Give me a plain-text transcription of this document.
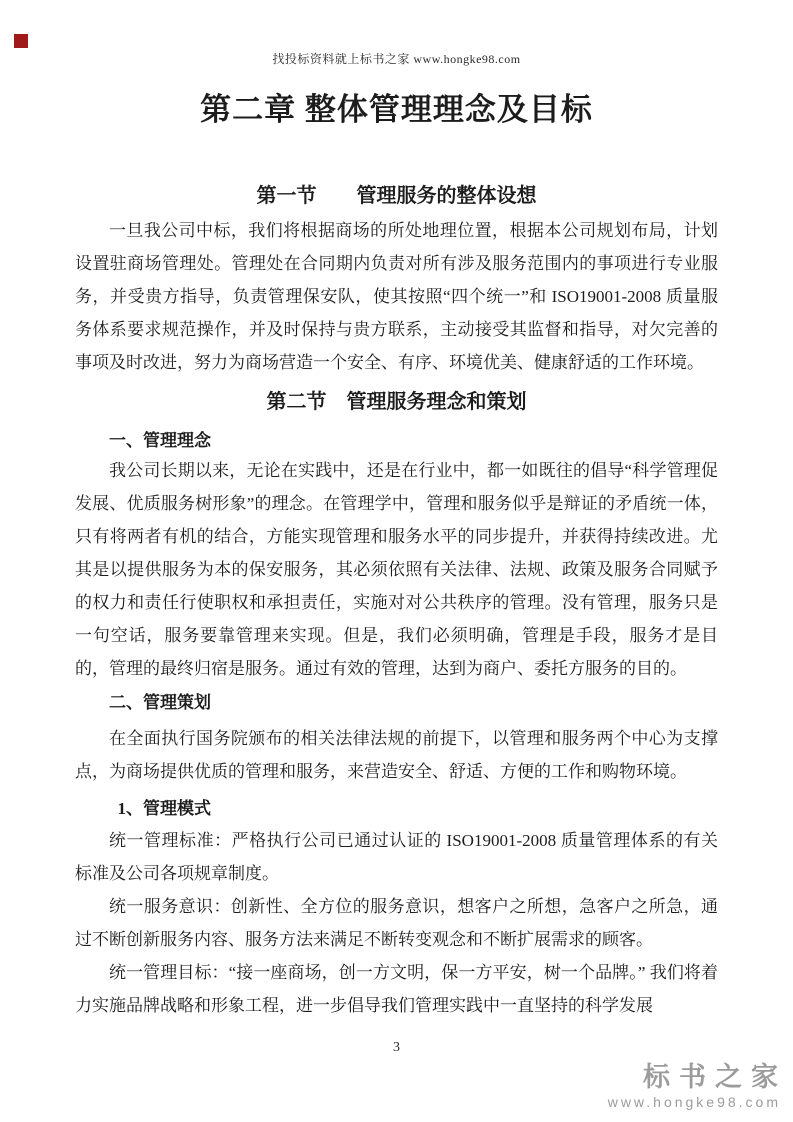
找投标资料就上标书之家 www.hongke98.com
第二章 整体管理理念及目标
第一节　　管理服务的整体设想
一旦我公司中标，我们将根据商场的所处地理位置，根据本公司规划布局，计划设置驻商场管理处。管理处在合同期内负责对所有涉及服务范围内的事项进行专业服务，并受贵方指导，负责管理保安队，使其按照“四个统一”和 ISO19001-2008 质量服务体系要求规范操作，并及时保持与贵方联系，主动接受其监督和指导，对欠完善的事项及时改进，努力为商场营造一个安全、有序、环境优美、健康舒适的工作环境。
第二节　管理服务理念和策划
一、管理理念
我公司长期以来，无论在实践中，还是在行业中，都一如既往的倡导“科学管理促发展、优质服务树形象”的理念。在管理学中，管理和服务似乎是辩证的矛盾统一体，只有将两者有机的结合，方能实现管理和服务水平的同步提升，并获得持续改进。尤其是以提供服务为本的保安服务，其必须依照有关法律、法规、政策及服务合同赋予的权力和责任行使职权和承担责任，实施对对公共秩序的管理。没有管理，服务只是一句空话，服务要靠管理来实现。但是，我们必须明确，管理是手段，服务才是目的，管理的最终归宿是服务。通过有效的管理，达到为商户、委托方服务的目的。
二、管理策划
在全面执行国务院颁布的相关法律法规的前提下，以管理和服务两个中心为支撑点，为商场提供优质的管理和服务，来营造安全、舒适、方便的工作和购物环境。
1、管理模式
统一管理标准：严格执行公司已通过认证的 ISO19001-2008 质量管理体系的有关标准及公司各项规章制度。
统一服务意识：创新性、全方位的服务意识，想客户之所想，急客户之所急，通过不断创新服务内容、服务方法来满足不断转变观念和不断扩展需求的顾客。
统一管理目标：“接一座商场，创一方文明，保一方平安，树一个品牌。” 我们将着力实施品牌战略和形象工程，进一步倡导我们管理实践中一直坚持的科学发展
3
标书之家
www.hongke98.com
